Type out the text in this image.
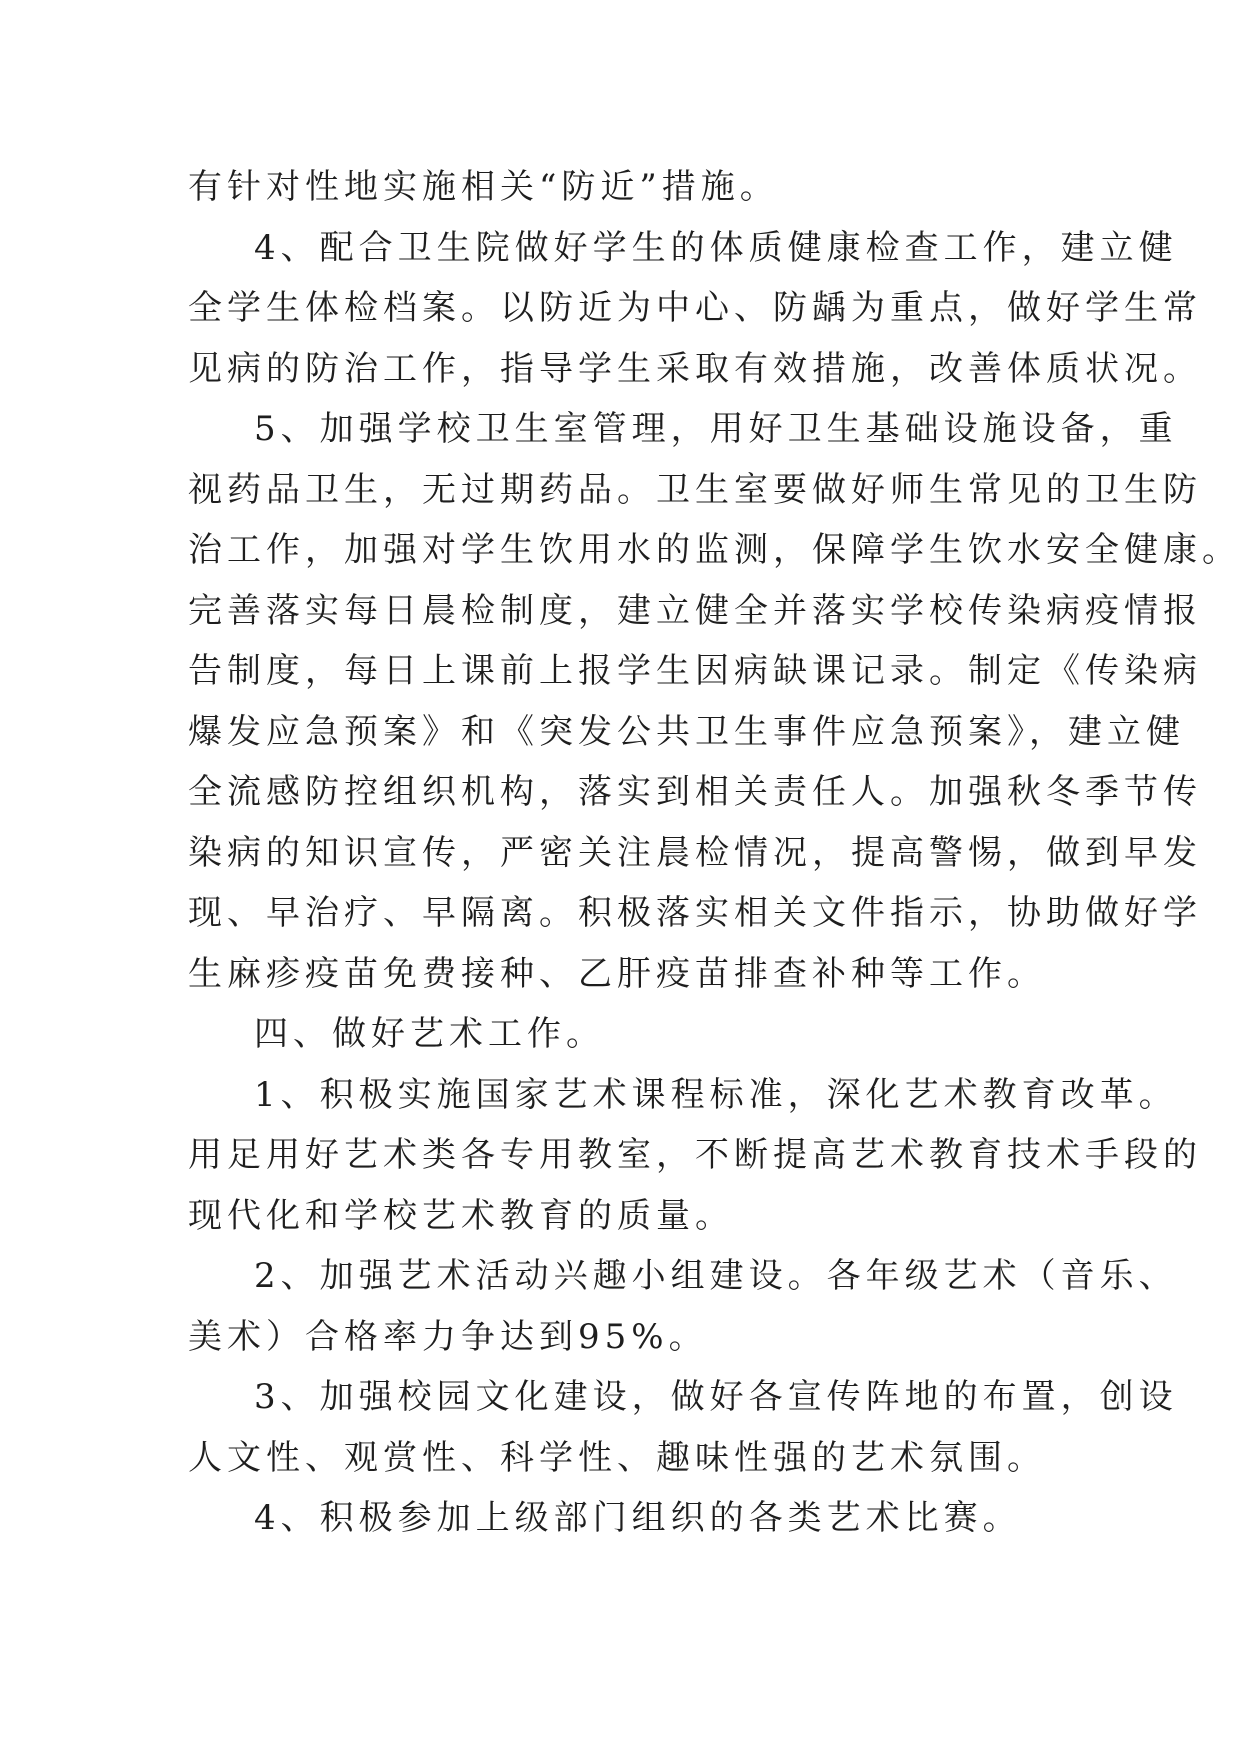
有针对性地实施相关“防近”措施。
4、配合卫生院做好学生的体质健康检查工作，建立健
全学生体检档案。以防近为中心、防龋为重点，做好学生常
见病的防治工作，指导学生采取有效措施，改善体质状况。
5、加强学校卫生室管理，用好卫生基础设施设备，重
视药品卫生，无过期药品。卫生室要做好师生常见的卫生防
治工作，加强对学生饮用水的监测，保障学生饮水安全健康。
完善落实每日晨检制度，建立健全并落实学校传染病疫情报
告制度，每日上课前上报学生因病缺课记录。制定《传染病
爆发应急预案》和《突发公共卫生事件应急预案》，建立健
全流感防控组织机构，落实到相关责任人。加强秋冬季节传
染病的知识宣传，严密关注晨检情况，提高警惕，做到早发
现、早治疗、早隔离。积极落实相关文件指示，协助做好学
生麻疹疫苗免费接种、乙肝疫苗排查补种等工作。
四、做好艺术工作。
1、积极实施国家艺术课程标准，深化艺术教育改革。
用足用好艺术类各专用教室，不断提高艺术教育技术手段的
现代化和学校艺术教育的质量。
2、加强艺术活动兴趣小组建设。各年级艺术（音乐、
美术）合格率力争达到95%。
3、加强校园文化建设，做好各宣传阵地的布置，创设
人文性、观赏性、科学性、趣味性强的艺术氛围。
4、积极参加上级部门组织的各类艺术比赛。
